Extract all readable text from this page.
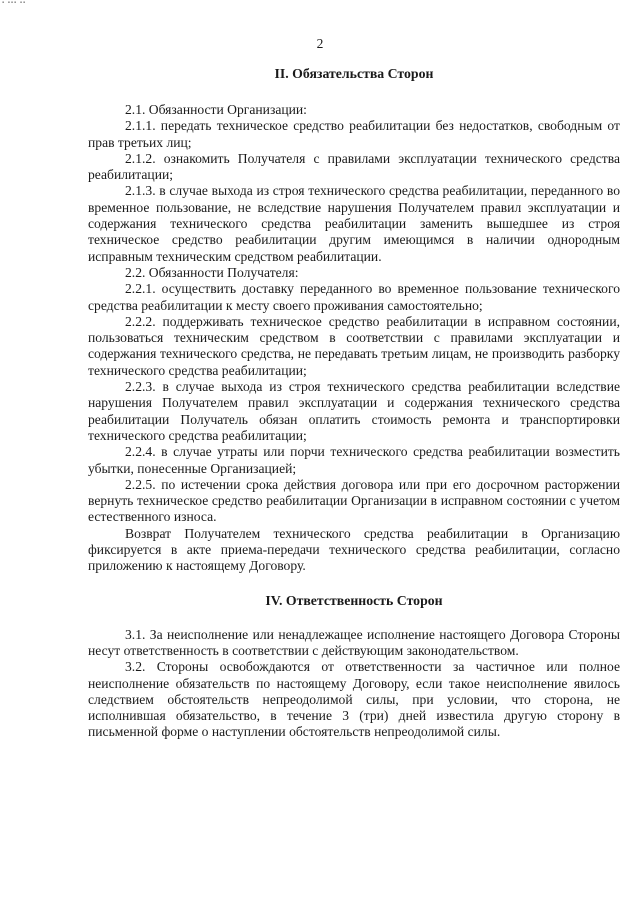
▪ ▪▪▪ ▪▪
2
II. Обязательства Сторон

2.1. Обязанности Организации:

2.1.1. передать техническое средство реабилитации без недостатков, свободным от прав третьих лиц;

2.1.2. ознакомить Получателя с правилами эксплуатации технического средства реабилитации;

2.1.3. в случае выхода из строя технического средства реабилитации, переданного во временное пользование, не вследствие нарушения Получателем правил эксплуатации и содержания технического средства реабилитации заменить вышедшее из строя техническое средство реабилитации другим имеющимся в наличии однородным исправным техническим средством реабилитации.

2.2. Обязанности Получателя:

2.2.1. осуществить доставку переданного во временное пользование технического средства реабилитации к месту своего проживания самостоятельно;

2.2.2. поддерживать техническое средство реабилитации в исправном состоянии, пользоваться техническим средством в соответствии с правилами эксплуатации и содержания технического средства, не передавать третьим лицам, не производить разборку технического средства реабилитации;

2.2.3. в случае выхода из строя технического средства реабилитации вследствие нарушения Получателем правил эксплуатации и содержания технического средства реабилитации Получатель обязан оплатить стоимость ремонта и транспортировки технического средства реабилитации;

2.2.4. в случае утраты или порчи технического средства реабилитации возместить убытки, понесенные Организацией;

2.2.5. по истечении срока действия договора или при его досрочном расторжении вернуть техническое средство реабилитации Организации в исправном состоянии с учетом естественного износа.

Возврат Получателем технического средства реабилитации в Организацию фиксируется в акте приема-передачи технического средства реабилитации, согласно приложению к настоящему Договору.

IV. Ответственность Сторон

3.1. За неисполнение или ненадлежащее исполнение настоящего Договора Стороны несут ответственность в соответствии с действующим законодательством.

3.2. Стороны освобождаются от ответственности за частичное или полное неисполнение обязательств по настоящему Договору, если такое неисполнение явилось следствием обстоятельств непреодолимой силы, при условии, что сторона, не исполнившая обязательство, в течение 3 (три) дней известила другую сторону в письменной форме о наступлении обстоятельств непреодолимой силы.
